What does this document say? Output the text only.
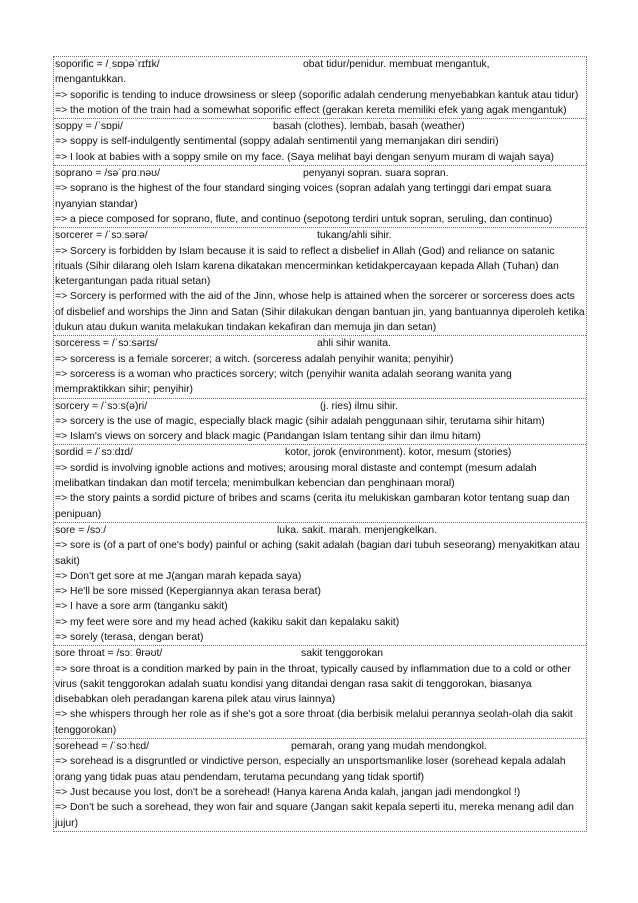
soporific = /ˌsɒpəˈrɪfɪk/	obat tidur/penidur. membuat mengantuk,
mengantukkan.
=> soporific is tending to induce drowsiness or sleep (soporific adalah cenderung menyebabkan kantuk atau tidur)
=> the motion of the train had a somewhat soporific effect (gerakan kereta memiliki efek yang agak mengantuk)
soppy = /ˈsɒpi/	basah (clothes). lembab, basah (weather)
=> soppy is self-indulgently sentimental (soppy adalah sentimentil yang memanjakan diri sendiri)
=> I look at babies with a soppy smile on my face. (Saya melihat bayi dengan senyum muram di wajah saya)
soprano = /səˈprɑːnəʊ/	penyanyi sopran. suara sopran.
=> soprano is the highest of the four standard singing voices (sopran adalah yang tertinggi dari empat suara nyanyian standar)
=> a piece composed for soprano, flute, and continuo (sepotong terdiri untuk sopran, seruling, dan continuo)
sorcerer = /ˈsɔːsərə/	tukang/ahli sihir.
=> Sorcery is forbidden by Islam because it is said to reflect a disbelief in Allah (God) and reliance on satanic rituals (Sihir dilarang oleh Islam karena dikatakan mencerminkan ketidakpercayaan kepada Allah (Tuhan) dan ketergantungan pada ritual setan)
=> Sorcery is performed with the aid of the Jinn, whose help is attained when the sorcerer or sorceress does acts of disbelief and worships the Jinn and Satan (Sihir dilakukan dengan bantuan jin, yang bantuannya diperoleh ketika dukun atau dukun wanita melakukan tindakan kekafiran dan memuja jin dan setan)
sorceress = /ˈsɔːsərɪs/	ahli sihir wanita.
=> sorceress is a female sorcerer; a witch. (sorceress adalah penyihir wanita; penyihir)
=> sorceress is a woman who practices sorcery; witch (penyihir wanita adalah seorang wanita yang mempraktikkan sihir; penyihir)
sorcery = /ˈsɔːs(ə)ri/	(j. ries) ilmu sihir.
=> sorcery is the use of magic, especially black magic (sihir adalah penggunaan sihir, terutama sihir hitam)
=> Islam's views on sorcery and black magic (Pandangan Islam tentang sihir dan ilmu hitam)
sordid = /ˈsɔːdɪd/	kotor, jorok (environment). kotor, mesum (stories)
=> sordid is involving ignoble actions and motives; arousing moral distaste and contempt (mesum adalah melibatkan tindakan dan motif tercela; menimbulkan kebencian dan penghinaan moral)
=> the story paints a sordid picture of bribes and scams (cerita itu melukiskan gambaran kotor tentang suap dan penipuan)
sore = /sɔː/	luka. sakit. marah. menjengkelkan.
=> sore is (of a part of one's body) painful or aching (sakit adalah (bagian dari tubuh seseorang) menyakitkan atau sakit)
=> Don't get sore at me J(angan marah kepada saya)
=> He'll be sore missed (Kepergiannya akan terasa berat)
=> I have a sore arm (tanganku sakit)
=> my feet were sore and my head ached (kakiku sakit dan kepalaku sakit)
=> sorely (terasa, dengan berat)
sore throat = /sɔː θrəʊt/	sakit tenggorokan
=> sore throat is a condition marked by pain in the throat, typically caused by inflammation due to a cold or other virus (sakit tenggorokan adalah suatu kondisi yang ditandai dengan rasa sakit di tenggorokan, biasanya disebabkan oleh peradangan karena pilek atau virus lainnya)
=> she whispers through her role as if she's got a sore throat (dia berbisik melalui perannya seolah-olah dia sakit tenggorokan)
sorehead = /ˈsɔːhɛd/	pemarah, orang yang mudah mendongkol.
=> sorehead is a disgruntled or vindictive person, especially an unsportsmanlike loser (sorehead kepala adalah orang yang tidak puas atau pendendam, terutama pecundang yang tidak sportif)
=> Just because you lost, don't be a sorehead! (Hanya karena Anda kalah, jangan jadi mendongkol !)
=> Don't be such a sorehead, they won fair and square (Jangan sakit kepala seperti itu, mereka menang adil dan jujur)
